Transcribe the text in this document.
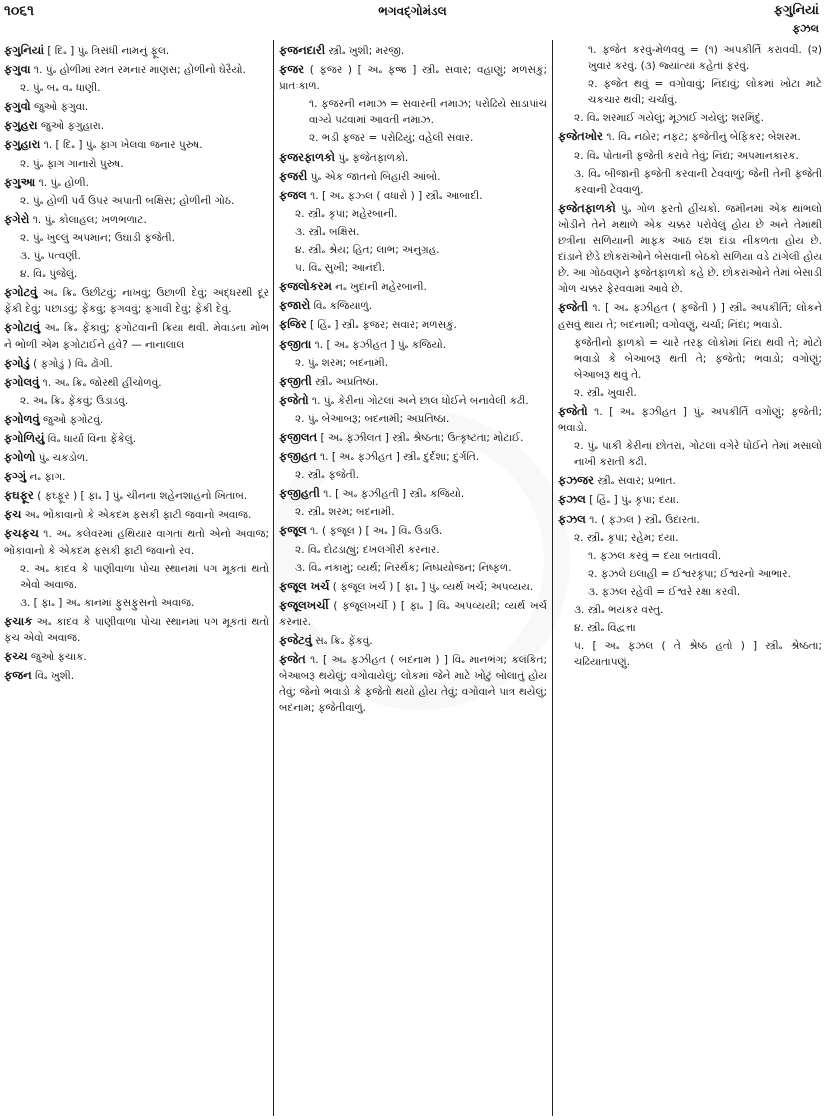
૧૦૬૧	ભગવદ્ગોમંડલ	ફગુનિયાં
ફઝલ
ફગુનિયાં [ દિ૰ ] પું૰ ત્રિસંધી નામનું ફૂલ.
ફગુવા ૧. પું૰ હોળીમાં રમત રમનાર માણસ; હોળીનો ઘેરૈયો.
૨. પું૰ બ૰ વ૰ ધાણી.
ફગુવો જુઓ ફગુવા.
ફગુહરા જુઓ ફગુહારા.
ફગુહારા ૧. [ દિ૰ ] પું૰ ફાગ ખેલવા જનાર પુરુષ.
૨. પું૰ ફાગ ગાનારો પુરુષ.
ફગુઆ ૧. પું૰ હોળી.
૨. પું૰ હોળી પર્વ ઉપર અપાતી બક્ષિસ; હોળીની ગોઠ.
ફગેરો ૧. પું૰ કોલાહલ; ખળભળાટ.
૨. પું૰ ખુલ્લું અપમાન; ઉઘાડી ફજેતી.
૩. પું૰ પત્વણી.
૪. વિ૰ પુંજેલું.
ફગોટવું અ૰ ક્રિ૰ ઉછીટવું; નાખવું; ઉછાળી દેવું; અદ્ધરથી દૂર ફેંકી દેવું; પછાડવું; ફેંકવું; ફગવવું; ફગાવી દેવું; ફેંકી દેવું.
ફગોટાવું અ૰ ક્રિ૰ ફેંકાવું; ફગોટવાની ક્રિયા થવી. મેવાડના મોભ ને ભોળી એમ ફગોટાઈને હવે? — નાનાલાલ
ફગોડું ( ફગોડું ) વિ૰ ઢોંગી.
ફગોલવું ૧. અ૰ ક્રિ૰ જોરથી હીંચોળવું.
૨. અ૰ ક્રિ૰ ફેંકવું; ઉડાડવું.
ફગોળવું જુઓ ફગોટવું.
ફગોળિયું વિ૰ ધાર્યા વિના ફેંકેલું.
ફગોળો પું૰ ચકડોળ.
ફગ્ગું ન૰ ફાગ.
ફઘફૂર ( ફઘ્ફૂર ) [ ફા૰ ] પું૰ ચીનના શહેનશાહનો ખિતાબ.
ફચ અ૰ ભોંકાવાનો કે એકદમ ફસકી ફાટી જવાનો અવાજ.
ફચફચ ૧. અ૰ કલેવરમાં હથિયાર વાગતાં થતો એનો અવાજ; ભોંકાવાનો કે એકદમ ફસકી ફાટી જવાનો રવ.
૨. અ૰ કાદવ કે પાણીવાળા પોચા સ્થાનમાં પગ મૂકતાં થતો એવો અવાજ.
૩. [ ફા૰ ] અ૰ કાનમાં ફુસફુસનો અવાજ.
ફચાક અ૰ કાદવ કે પાણીવાળા પોચા સ્થાનમાં પગ મૂકતાં થતો ફચ એવો અવાજ.
ફચ્ચ જુઓ ફચાક.
ફજન વિ૰ ખુશી.
ફજનદારી સ્ત્રી૰ ખુશી; મરજી.
ફજર ( ફજર ) [ અ૰ ફજ્ર ] સ્ત્રી૰ સવાર; વહાણું; મળસકું; પ્રાતઃકાળ.
૧. ફજરની નમાઝ = સવારની નમાઝ; પરોઢિયે સાડાપાંચ વાગ્યે પઢવામાં આવતી નમાઝ.
૨. ભડી ફજર = પરોઢિયું; વહેલી સવાર.
ફજરફાળકો પું૰ ફજેતફાળકો.
ફજરી પું૰ એક જાતનો બિહારી આંબો.
ફજલ ૧. [ અ૰ ફઝ્લ ( વધારો ) ] સ્ત્રી૰ આબાદી.
૨. સ્ત્રી૰ કૃપા; મહેરબાની.
૩. સ્ત્રી૰ બક્ષિસ.
૪. સ્ત્રી૰ શ્રેય; હિત; લાભ; અનુગ્રહ.
૫. વિ૰ સુખી; આનંદી.
ફજલોકરમ ન૰ ખુદાની મહેરબાની.
ફજારો વિ૰ કજિયાળું.
ફજિર [ હિં૰ ] સ્ત્રી૰ ફજર; સવાર; મળસકું.
ફજીતા ૧. [ અ૰ ફઝીહત ] પું૰ કજિયો.
૨. પું૰ શરમ; બદનામી.
ફજીતી સ્ત્રી૰ અપ્રતિષ્ઠા.
ફજેતો ૧. પું૰ કેરીનાં ગોટલાં અને છાલ ધોઈને બનાવેલી કઢી.
૨. પું૰ બેઆબરૂ; બદનામી; અપ્રતિષ્ઠા.
ફજીલત [ અ૰ ફઝીલત ] સ્ત્રી૰ શ્રેષ્ઠતા; ઉત્કૃષ્ટતા; મોટાઈ.
ફજીહત ૧. [ અ૰ ફઝીહત ] સ્ત્રી૰ દુર્દશા; દુર્ગતિ.
૨. સ્ત્રી૰ ફજેતી.
ફજીહતી ૧. [ અ૰ ફઝીહતી ] સ્ત્રી૰ કજિયો.
૨. સ્ત્રી૰ શરમ; બદનામી.
ફજૂલ ૧. ( ફજૂલ ) [ અ૰ ] વિ૰ ઉડાઉ.
૨. વિ૰ દોઢડાહ્યું; દખલગીરી કરનાર.
૩. વિ૰ નકામું; વ્યર્થ; નિરર્થક; નિષ્પ્રયોજન; નિષ્ફળ.
ફજૂલ ખર્ચ ( ફજૂલ ખર્ચ ) [ ફા૰ ] પું૰ વ્યર્થ ખર્ચ; અપવ્યય.
ફજૂલખર્ચી ( ફજૂલખર્ચી ) [ ફા૰ ] વિ૰ અપવ્યયી; વ્યર્થ ખર્ચ કરનાર.
ફજેટવું સ૰ ક્રિ૰ ફેંકવું.
ફજેત ૧. [ અ૰ ફઝીહત ( બદનામ ) ] વિ૰ માનભંગ; કલંકિત; બેઆબરૂ થયેલું; વગોવાયેલું; લોકમાં જેને માટે ખોટું બોલાતું હોય તેવું; જેનો ભવાડો કે ફજેતો થયો હોય તેવું; વગોવાને પાત્ર થયેલું; બદનામ; ફજેતીવાળું.
૧. ફજેત કરવું-મેળવવું = (૧) અપકીર્તિ કરાવવી. (૨) ખુવાર કરવું. (૩) જ્યાંત્યાં કહેતાં ફરવું.
૨. ફજેત થવું = વગોવાવું; નિંદાવું; લોકમાં ખોટા માટે ચકચાર થવી; ચર્ચાવું.
૨. વિ૰ શરમાઈ ગયેલું; મૂંઝાઈ ગયેલું; શરમિંદું.
ફજેતખોર ૧. વિ૰ નઠોર; નફટ; ફજેતીનું બેફિકર; બેશરમ.
૨. વિ૰ પોતાની ફજેતી કરાવે તેવું; નિંદ્ય; અપમાનકારક.
૩. વિ૰ બીજાની ફજેતી કરવાની ટેવવાળું; જેની તેની ફજેતી કરવાની ટેવવાળું.
ફજેતફાળકો પું૰ ગોળ ફરતો હીંચકો. જમીનમાં એક થાંભલો ખોડીને તેને મથાળે એક ચક્કર પરોવેલું હોય છે અને તેમાંથી છત્રીના સળિયાની માફક આઠ દશ દાંડા નીકળતા હોય છે. દાંડાને છેડે છોકરાંઓને બેસવાની બેઠકો સળિયા વડે ટાંગેલી હોય છે. આ ગોઠવણને ફજેતફાળકો કહે છે. છોકરાંઓને તેમાં બેસાડી ગોળ ચક્કર ફેરવવામાં આવે છે.
ફજેતી ૧. [ અ૰ ફઝીહત ( ફજેતી ) ] સ્ત્રી૰ અપકીર્તિ; લોકને હસવું થાય તે; બદનામી; વગોવણું, ચર્ચા; નિંદા; ભવાડો.
ફજેતીનો ફાળકો = ચારે તરફ લોકોમાં નિંદા થવી તે; મોટો ભવાડો કે બેઆબરૂ થતી તે; ફજેતો; ભવાડો; વગોણું; બેઆબરૂ થવું તે.
૨. સ્ત્રી૰ ખુવારી.
ફજેતો ૧. [ અ૰ ફઝીહત ] પું૰ અપકીર્તિ વગોણું; ફજેતી; ભવાડો.
૨. પું૰ પાકી કેરીનાં છોતરાં, ગોટલાં વગેરે ધોઈને તેમાં મસાલો નાખી કરાતી કઢી.
ફઝજર સ્ત્રી૰ સવાર; પ્રભાત.
ફઝલ [ હિં૰ ] પું૰ કૃપા; દયા.
ફઝલ ૧. ( ફઝ્લ ) સ્ત્રી૰ ઉદારતા.
૨. સ્ત્રી૰ કૃપા; રહેમ; દયા.
૧. ફઝલ કરવું = દયા બતાવવી.
૨. ફઝલે ઇલાહી = ઈશ્વરકૃપા; ઈશ્વરનો આભાર.
૩. ફઝલ રહેવી = ઈશ્વરે રક્ષા કરવી.
૩. સ્ત્રી૰ ભયંકર વસ્તુ.
૪. સ્ત્રી૰ વિદ્વત્તા
૫. [ અ૰ ફઝલ ( તે શ્રેષ્ઠ હતો ) ] સ્ત્રી૰ શ્રેષ્ઠતા; ચઢિયાતાપણું.
